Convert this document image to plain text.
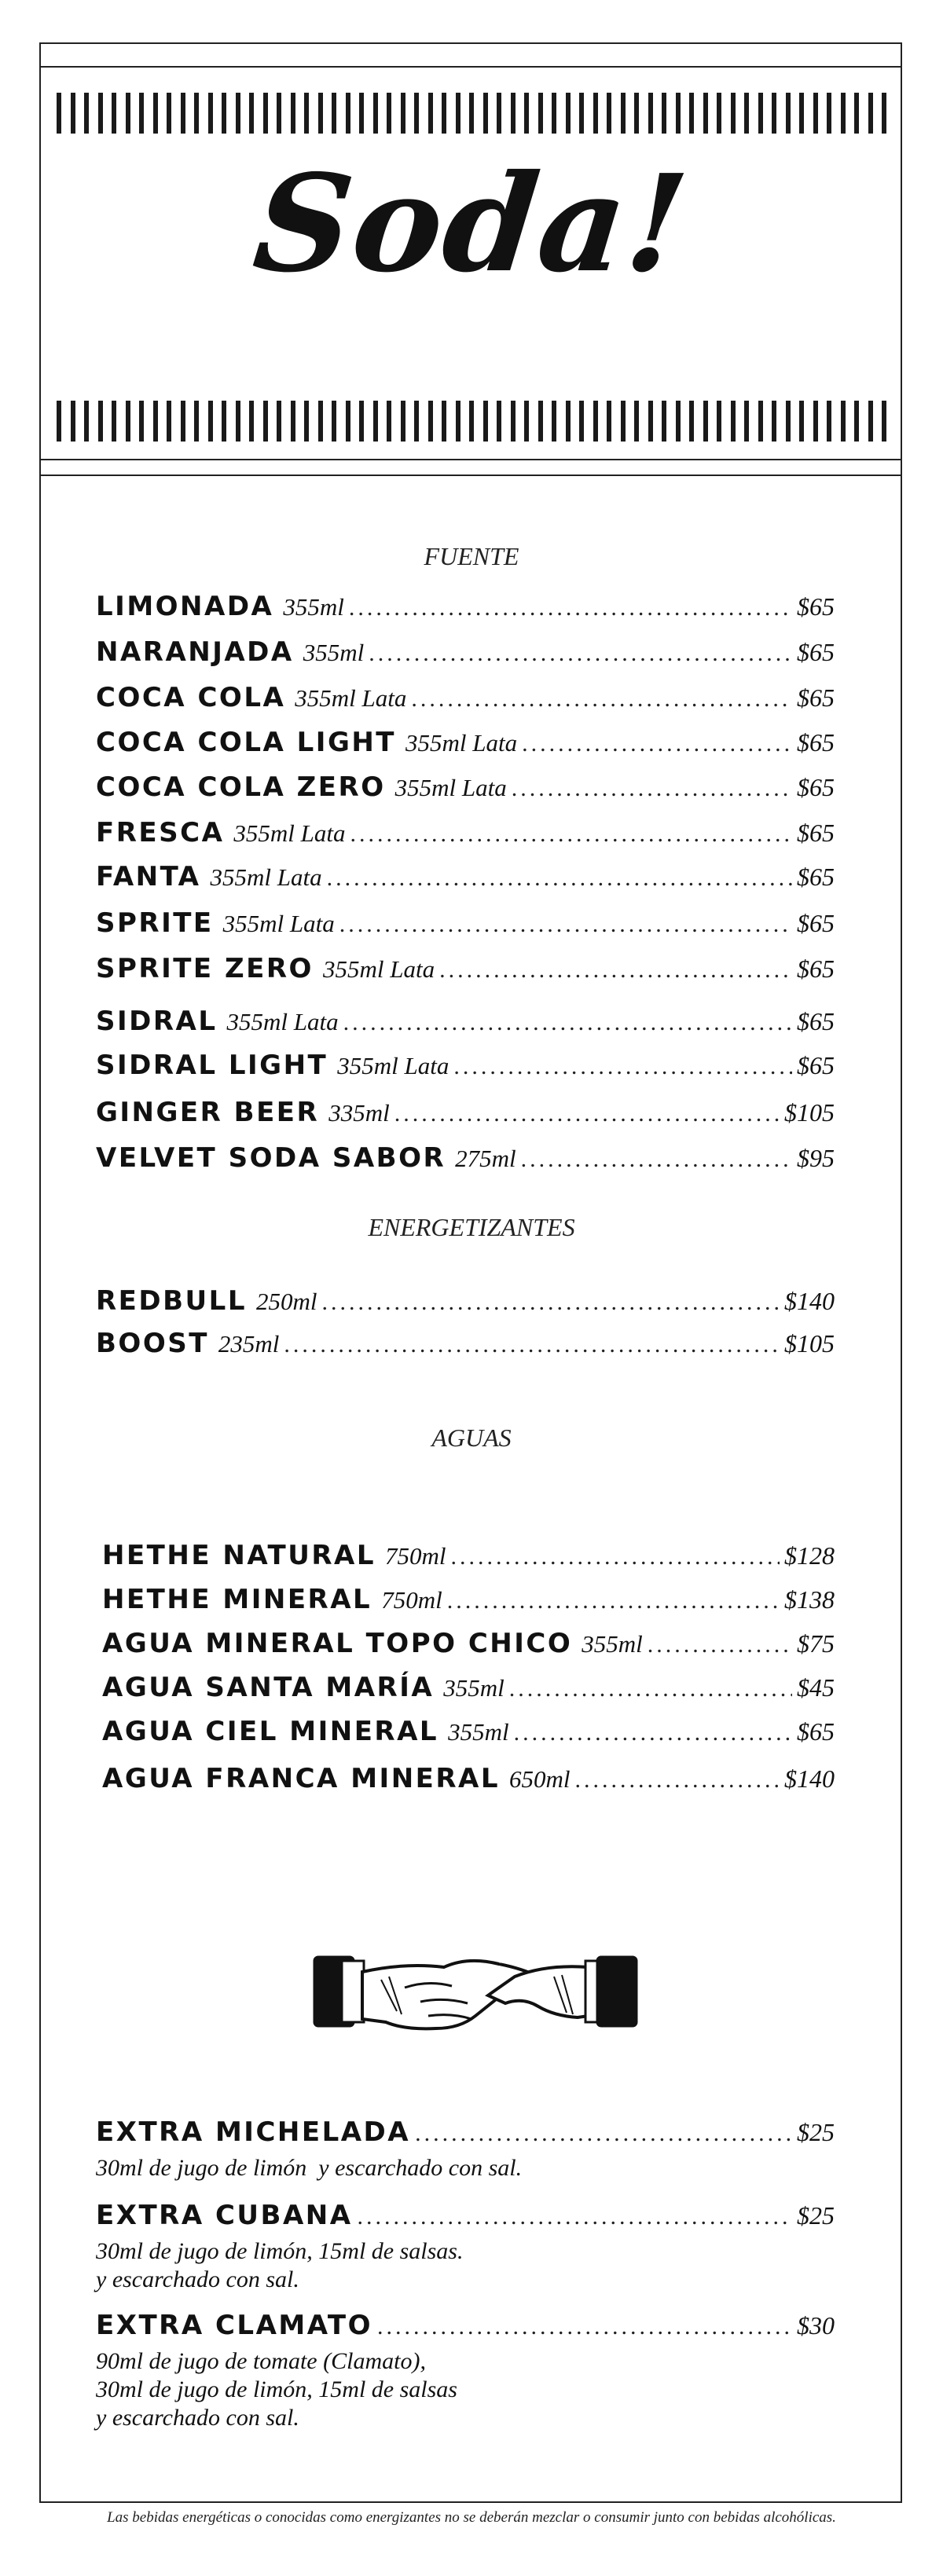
Soda!
FUENTE
LIMONADA 355ml .....	$65
NARANJADA 355ml .....	$65
COCA COLA 355ml Lata .....	$65
COCA COLA LIGHT 355ml Lata .....	$65
COCA COLA ZERO 355ml Lata .....	$65
FRESCA 355ml Lata .....	$65
FANTA 355ml Lata .....	$65
SPRITE 355ml Lata .....	$65
SPRITE ZERO 355ml Lata .....	$65
SIDRAL 355ml Lata .....	$65
SIDRAL LIGHT 355ml Lata .....	$65
GINGER BEER 335ml .....	$105
VELVET SODA SABOR 275ml .....	$95
ENERGETIZANTES
REDBULL 250ml .....	$140
BOOST 235ml .....	$105
AGUAS
HETHE NATURAL 750ml .....	$128
HETHE MINERAL 750ml .....	$138
AGUA MINERAL TOPO CHICO 355ml .....	$75
AGUA SANTA MARÍA 355ml .....	$45
AGUA CIEL MINERAL 355ml .....	$65
AGUA FRANCA MINERAL 650ml .....	$140
EXTRA MICHELADA .....	$25
30ml de jugo de limón  y escarchado con sal.
EXTRA CUBANA .....	$25
30ml de jugo de limón, 15ml de salsas.
y escarchado con sal.
EXTRA CLAMATO .....	$30
90ml de jugo de tomate (Clamato),
30ml de jugo de limón, 15ml de salsas
y escarchado con sal.
Las bebidas energéticas o conocidas como energizantes no se deberán mezclar o consumir junto con bebidas alcohólicas.
